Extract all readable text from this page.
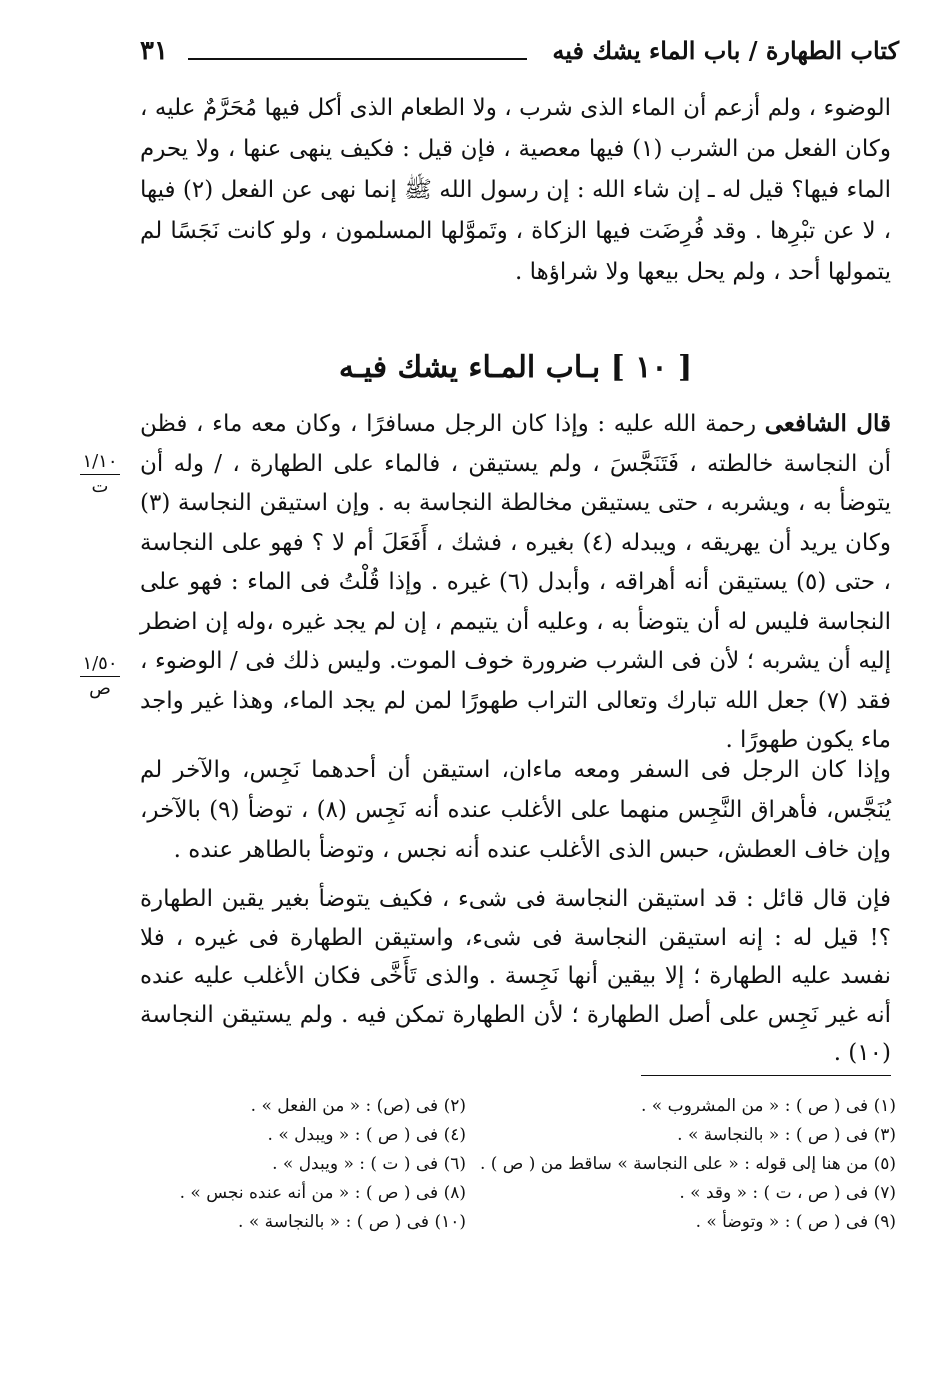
كتاب الطهارة / باب الماء يشك فيه
٣١

الوضوء ، ولم أزعم أن الماء الذى شرب ، ولا الطعام الذى أكل فيها مُحَرَّمٌ عليه ، وكان الفعل من الشرب (١) فيها معصية ، فإن قيل : فكيف ينهى عنها ، ولا يحرم الماء فيها؟ قيل له ـ إن شاء الله : إن رسول الله ﷺ إنما نهى عن الفعل (٢) فيها ، لا عن تبْرِها . وقد فُرِضَت فيها الزكاة ، وتَموَّلها المسلمون ، ولو كانت نَجَسًا لم يتمولها أحد ، ولم يحل بيعها ولا شراؤها .

[ ١٠ ] بـاب المـاء يشك فيـه

قال الشافعى رحمة الله عليه : وإذا كان الرجل مسافرًا ، وكان معه ماء ، فظن أن النجاسة خالطته ، فَتَنَجَّسَ ، ولم يستيقن ، فالماء على الطهارة ، / وله أن يتوضأ به ، ويشربه ، حتى يستيقن مخالطة النجاسة به . وإن استيقن النجاسة (٣) وكان يريد أن يهريقه ، ويبدله (٤) بغيره ، فشك ، أَفَعَلَ أم لا ؟ فهو على النجاسة ، حتى (٥) يستيقن أنه أهراقه ، وأبدل (٦) غيره . وإذا قُلْتُ فى الماء : فهو على النجاسة فليس له أن يتوضأ به ، وعليه أن يتيمم ، إن لم يجد غيره ،وله إن اضطر إليه أن يشربه ؛ لأن فى الشرب ضرورة خوف الموت. وليس ذلك فى / الوضوء ، فقد (٧) جعل الله تبارك وتعالى التراب طهورًا لمن لم يجد الماء، وهذا غير واجد ماء يكون طهورًا .

١/١٠
ت
١/٥٠
ص

وإذا كان الرجل فى السفر ومعه ماءان، استيقن أن أحدهما نَجِس، والآخر لم يُنَجَّس، فأهراق النَّجِس منهما على الأغلب عنده أنه نَجِس (٨) ، توضأ (٩) بالآخر، وإن خاف العطش، حبس الذى الأغلب عنده أنه نجس ، وتوضأ بالطاهر عنده .

فإن قال قائل : قد استيقن النجاسة فى شىء ، فكيف يتوضأ بغير يقين الطهارة ؟! قيل له : إنه استيقن النجاسة فى شىء، واستيقن الطهارة فى غيره ، فلا نفسد عليه الطهارة ؛ إلا بيقين أنها نَجِسة . والذى تَأَخَّى فكان الأغلب عليه عنده أنه غير نَجِس على أصل الطهارة ؛ لأن الطهارة تمكن فيه . ولم يستيقن النجاسة (١٠) .

(١) فى ( ص ) : « من المشروب » .
(٢) فى (ص) : « من الفعل » .
(٣) فى ( ص ) : « بالنجاسة » .
(٤) فى ( ص ) : « ويبدل » .
(٥) من هنا إلى قوله : « على النجاسة » ساقط من ( ص ) .
(٦) فى ( ت ) : « ويبدل » .
(٧) فى ( ص ، ت ) : « وقد » .
(٨) فى ( ص ) : « من أنه عنده نجس » .
(٩) فى ( ص ) : « وتوضأ » .
(١٠) فى ( ص ) : « بالنجاسة » .
